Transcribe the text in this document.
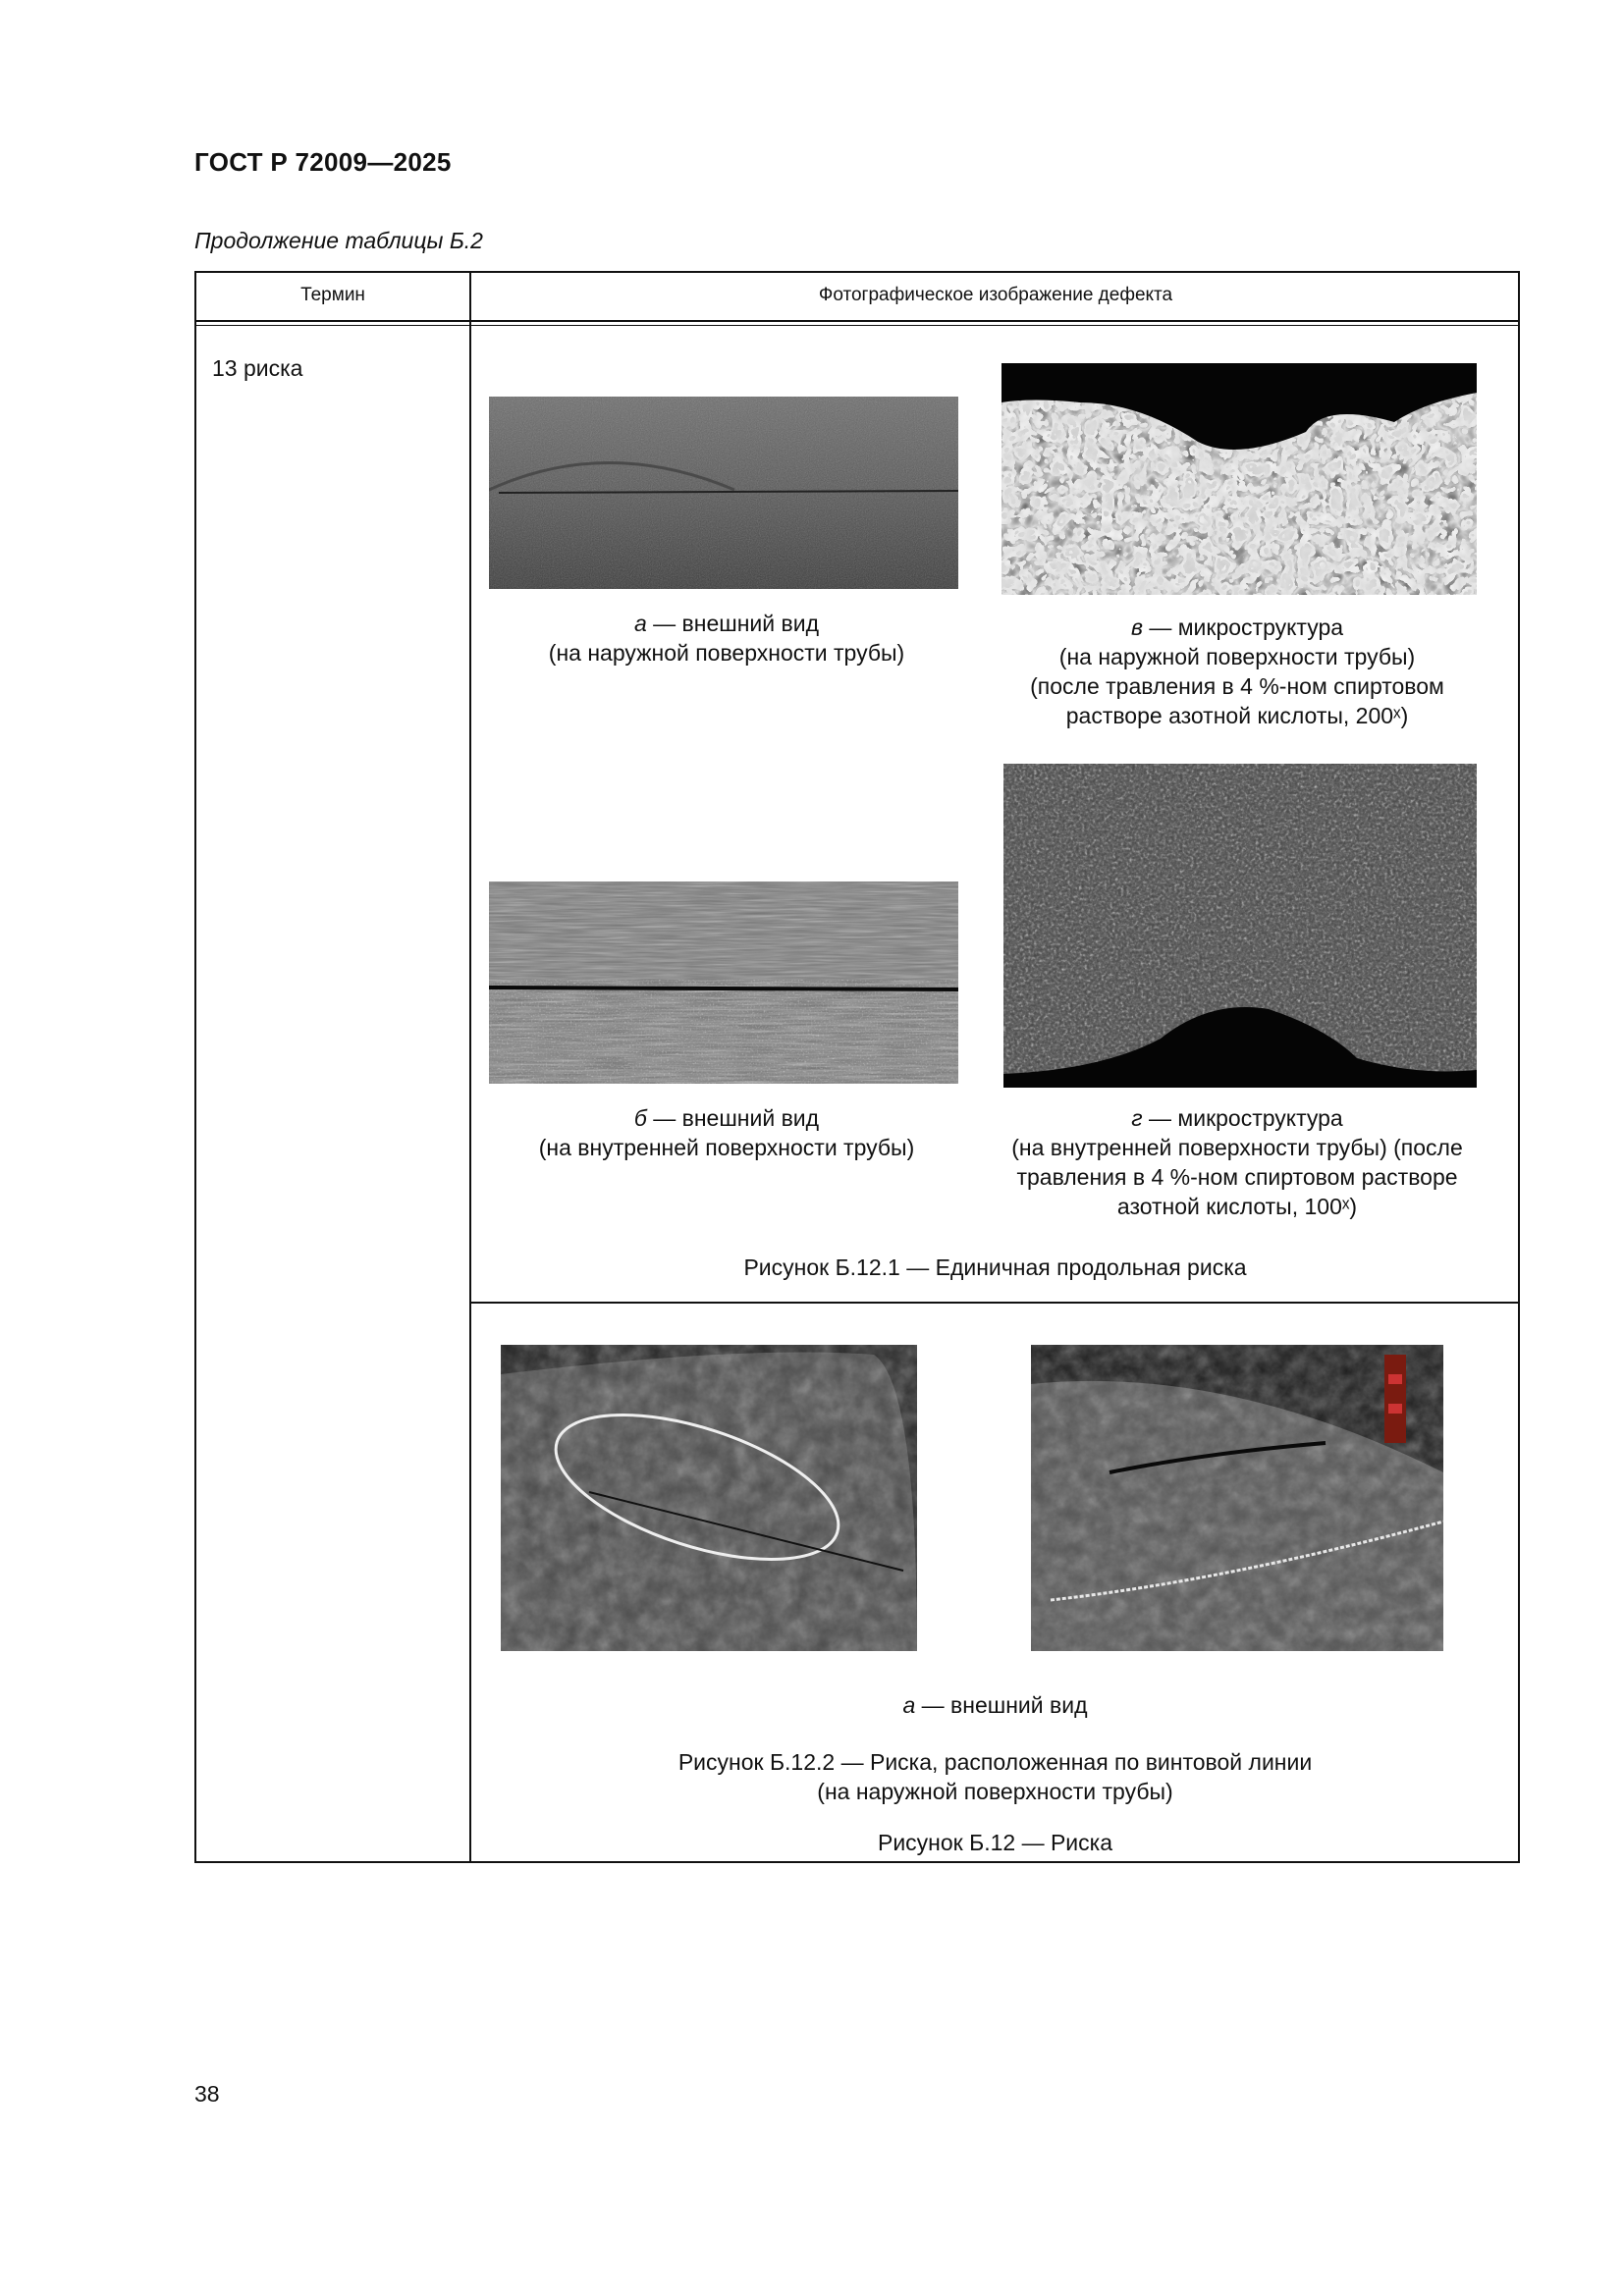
ГОСТ Р 72009—2025
Продолжение таблицы Б.2
Термин	Фотографическое изображение дефекта
13 риска
а — внешний вид
(на наружной поверхности трубы)
в — микроструктура
(на наружной поверхности трубы)
(после травления в 4 %-ном спиртовом
растворе азотной кислоты, 200ˣ)
б — внешний вид
(на внутренней поверхности трубы)
г — микроструктура
(на внутренней поверхности трубы) (после
травления в 4 %-ном спиртовом растворе
азотной кислоты, 100ˣ)
Рисунок Б.12.1 — Единичная продольная риска
а — внешний вид
Рисунок Б.12.2 — Риска, расположенная по винтовой линии
(на наружной поверхности трубы)
Рисунок Б.12 — Риска
38
